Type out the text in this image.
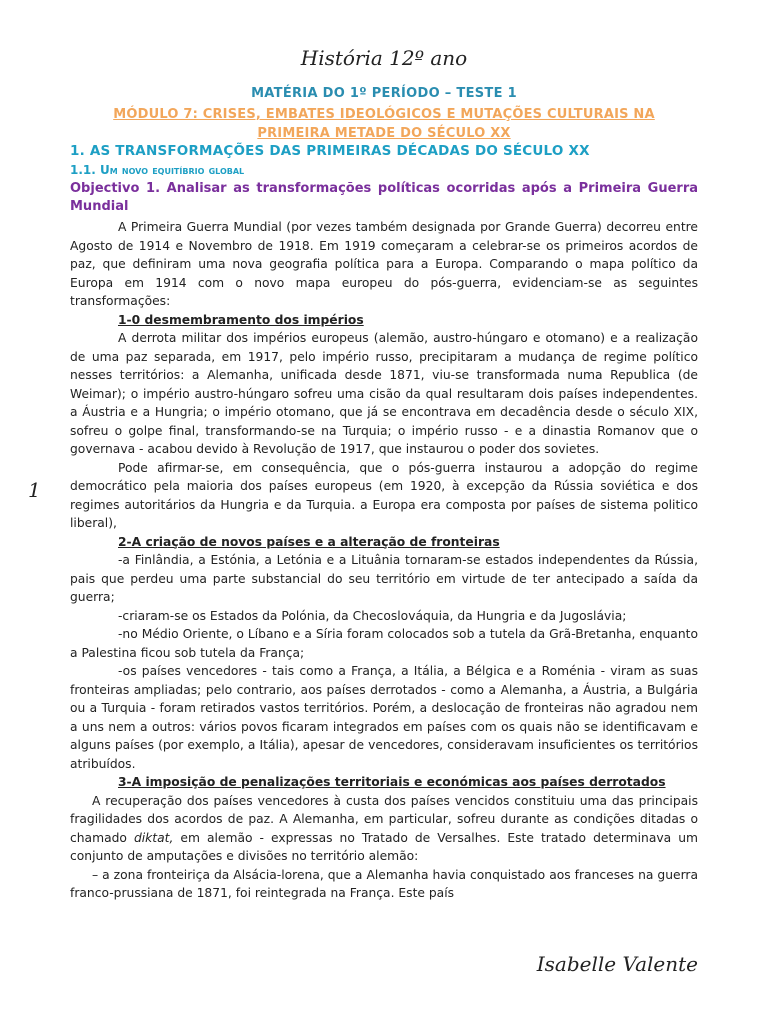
História 12º ano
MATÉRIA DO 1º PERÍODO – TESTE 1
MÓDULO 7: CRISES, EMBATES IDEOLÓGICOS E MUTAÇÕES CULTURAIS NA
PRIMEIRA METADE DO SÉCULO XX
1. AS TRANSFORMAÇÕES DAS PRIMEIRAS DÉCADAS DO SÉCULO XX
1.1. Um novo equitíbrio global
Objectivo 1. Analisar as transformações políticas ocorridas após a Primeira Guerra Mundial

A Primeira Guerra Mundial (por vezes também designada por Grande Guerra) decorreu entre Agosto de 1914 e Novembro de 1918. Em 1919 começaram a celebrar-se os primeiros acordos de paz, que definiram uma nova geografia política para a Europa. Comparando o mapa político da Europa em 1914 com o novo mapa europeu do pós-guerra, evidenciam-se as seguintes transformações:

1-0 desmembramento dos impérios

A derrota militar dos impérios europeus (alemão, austro-húngaro e otomano) e a realização de uma paz separada, em 1917, pelo império russo, precipitaram a mudança de regime político nesses territórios: a Alemanha, unificada desde 1871, viu-se transformada numa Republica (de Weimar); o império austro-húngaro sofreu uma cisão da qual resultaram dois países independentes. a Áustria e a Hungria; o império otomano, que já se encontrava em decadência desde o século XIX, sofreu o golpe final, transformando-se na Turquia; o império russo - e a dinastia Romanov que o governava - acabou devido à Revolução de 1917, que instaurou o poder dos sovietes.

Pode afirmar-se, em consequência, que o pós-guerra instaurou a adopção do regime democrático pela maioria dos países europeus (em 1920, à excepção da Rússia soviética e dos regimes autoritários da Hungria e da Turquia. a Europa era composta por países de sistema politico liberal),

2-A criação de novos países e a alteração de fronteiras

-a Finlândia, a Estónia, a Letónia e a Lituânia tornaram-se estados independentes da Rússia, pais que perdeu uma parte substancial do seu território em virtude de ter antecipado a saída da guerra;

-criaram-se os Estados da Polónia, da Checoslováquia, da Hungria e da Jugoslávia;

-no Médio Oriente, o Líbano e a Síria foram colocados sob a tutela da Grã-Bretanha, enquanto a Palestina ficou sob tutela da França;

-os países vencedores - tais como a França, a Itália, a Bélgica e a Roménia - viram as suas fronteiras ampliadas; pelo contrario, aos países derrotados - como a Alemanha, a Áustria, a Bulgária ou a Turquia - foram retirados vastos territórios. Porém, a deslocação de fronteiras não agradou nem a uns nem a outros: vários povos ficaram integrados em países com os quais não se identificavam e alguns países (por exemplo, a Itália), apesar de vencedores, consideravam insuficientes os territórios atribuídos.

3-A imposição de penalizações territoriais e económicas aos países derrotados

A recuperação dos países vencedores à custa dos países vencidos constituiu uma das principais fragilidades dos acordos de paz. A Alemanha, em particular, sofreu durante as condições ditadas o chamado diktat, em alemão - expressas no Tratado de Versalhes. Este tratado determinava um conjunto de amputações e divisões no território alemão:

– a zona fronteiriça da Alsácia-lorena, que a Alemanha havia conquistado aos franceses na guerra franco-prussiana de 1871, foi reintegrada na França. Este país

1
Isabelle Valente
